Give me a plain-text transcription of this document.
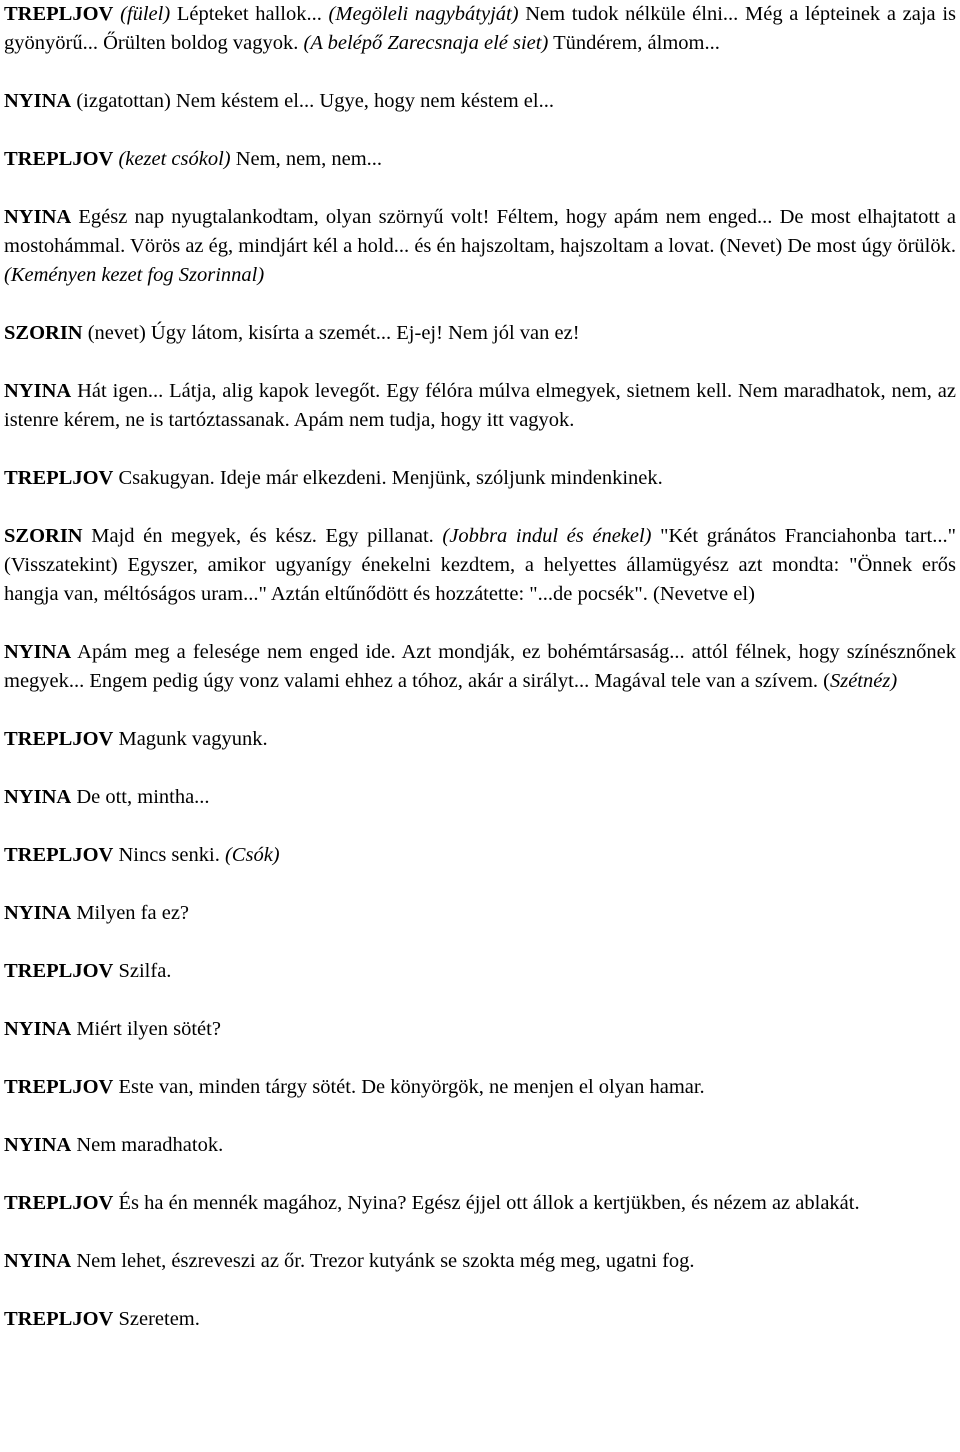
TREPLJOV (fülel) Lépteket hallok... (Megöleli nagybátyját) Nem tudok nélküle élni... Még a lépteinek a zaja is gyönyörű... Őrülten boldog vagyok. (A belépő Zarecsnaja elé siet) Tündérem, álmom...

NYINA (izgatottan) Nem késtem el... Ugye, hogy nem késtem el...

TREPLJOV (kezet csókol) Nem, nem, nem...

NYINA Egész nap nyugtalankodtam, olyan szörnyű volt! Féltem, hogy apám nem enged... De most elhajtatott a mostohámmal. Vörös az ég, mindjárt kél a hold... és én hajszoltam, hajszoltam a lovat. (Nevet) De most úgy örülök. (Keményen kezet fog Szorinnal)

SZORIN (nevet) Úgy látom, kisírta a szemét... Ej-ej! Nem jól van ez!

NYINA Hát igen... Látja, alig kapok levegőt. Egy félóra múlva elmegyek, sietnem kell. Nem maradhatok, nem, az istenre kérem, ne is tartóztassanak. Apám nem tudja, hogy itt vagyok.

TREPLJOV Csakugyan. Ideje már elkezdeni. Menjünk, szóljunk mindenkinek.

SZORIN Majd én megyek, és kész. Egy pillanat. (Jobbra indul és énekel) "Két gránátos Franciahonba tart..." (Visszatekint) Egyszer, amikor ugyanígy énekelni kezdtem, a helyettes államügyész azt mondta: "Önnek erős hangja van, méltóságos uram..." Aztán eltűnődött és hozzátette: "...de pocsék". (Nevetve el)

NYINA Apám meg a felesége nem enged ide. Azt mondják, ez bohémtársaság... attól félnek, hogy színésznőnek megyek... Engem pedig úgy vonz valami ehhez a tóhoz, akár a sirályt... Magával tele van a szívem. (Szétnéz)

TREPLJOV Magunk vagyunk.

NYINA De ott, mintha...

TREPLJOV Nincs senki. (Csók)

NYINA Milyen fa ez?

TREPLJOV Szilfa.

NYINA Miért ilyen sötét?

TREPLJOV Este van, minden tárgy sötét. De könyörgök, ne menjen el olyan hamar.

NYINA Nem maradhatok.

TREPLJOV És ha én mennék magához, Nyina? Egész éjjel ott állok a kertjükben, és nézem az ablakát.

NYINA Nem lehet, észreveszi az őr. Trezor kutyánk se szokta még meg, ugatni fog.

TREPLJOV Szeretem.
